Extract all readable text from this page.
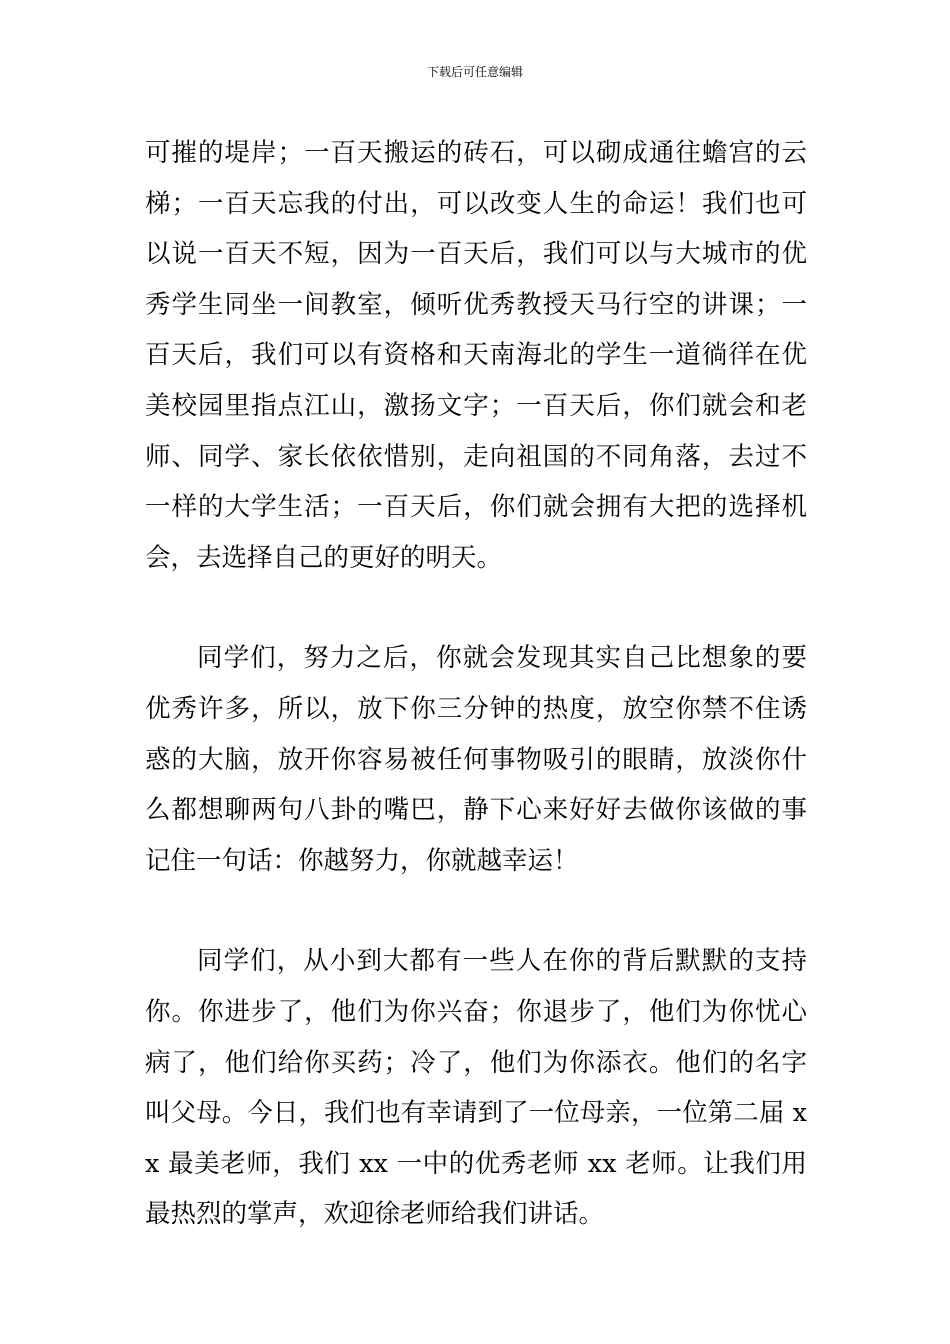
下载后可任意编辑

可摧的堤岸；一百天搬运的砖石，可以砌成通往蟾宫的云梯；一百天忘我的付出，可以改变人生的命运！我们也可以说一百天不短，因为一百天后，我们可以与大城市的优秀学生同坐一间教室，倾听优秀教授天马行空的讲课；一百天后，我们可以有资格和天南海北的学生一道徜徉在优美校园里指点江山，激扬文字；一百天后，你们就会和老师、同学、家长依依惜别，走向祖国的不同角落，去过不一样的大学生活；一百天后，你们就会拥有大把的选择机会，去选择自己的更好的明天。

同学们，努力之后，你就会发现其实自己比想象的要优秀许多，所以，放下你三分钟的热度，放空你禁不住诱惑的大脑，放开你容易被任何事物吸引的眼睛，放淡你什么都想聊两句八卦的嘴巴，静下心来好好去做你该做的事记住一句话：你越努力，你就越幸运！

同学们，从小到大都有一些人在你的背后默默的支持你。你进步了，他们为你兴奋；你退步了，他们为你忧心病了，他们给你买药；冷了，他们为你添衣。他们的名字叫父母。今日，我们也有幸请到了一位母亲，一位第二届 xx 最美老师，我们 xx 一中的优秀老师 xx 老师。让我们用最热烈的掌声，欢迎徐老师给我们讲话。
